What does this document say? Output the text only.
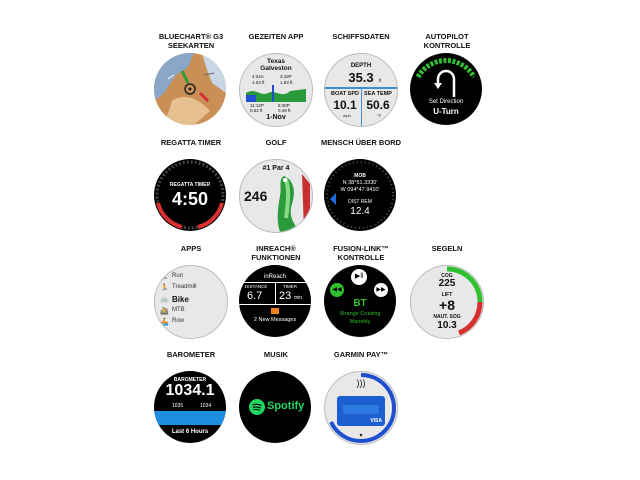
BLUECHART® G3 SEEKARTEN
GEZEITEN APP
Texas
Galveston
4:24A
1.03 ft
3:18P
1.93 ft
11:12P
0.62 ft
6:30P
0.49 ft
1-Nov
SCHIFFSDATEN
DEPTH
35.3	ft
BOAT SPD
10.1
mph
SEA TEMP
50.6
°F
AUTOPILOT KONTROLLE
Set Direction
U-Turn
REGATTA TIMER
REGATTA TIMER
4:50
GOLF
#1 Par 4
246
MENSCH ÜBER BORD
MOB
N 38°51.3330'
W 094°47.9410'
DIST REM
12.4
APPS
🏃 Run
🏃 Treadmill
🚲 Bike
🚵 MTB
🚣 Row
INREACH® FUNKTIONEN
inReach
DISTANCE
6.7
TIMER
23 min
2 New Messages
FUSION-LINK™ KONTROLLE
▶‖
◀◀	▶▶
BT
Strange Cruising
Mariebly
SEGELN
COG
225
LIFT
+8
NAUT. SOG
10.3
BAROMETER
BAROMETER
1034.1
1035	1034
Last 6 Hours
MUSIK
Spotify
GARMIN PAY™
)))
VISA
▾
